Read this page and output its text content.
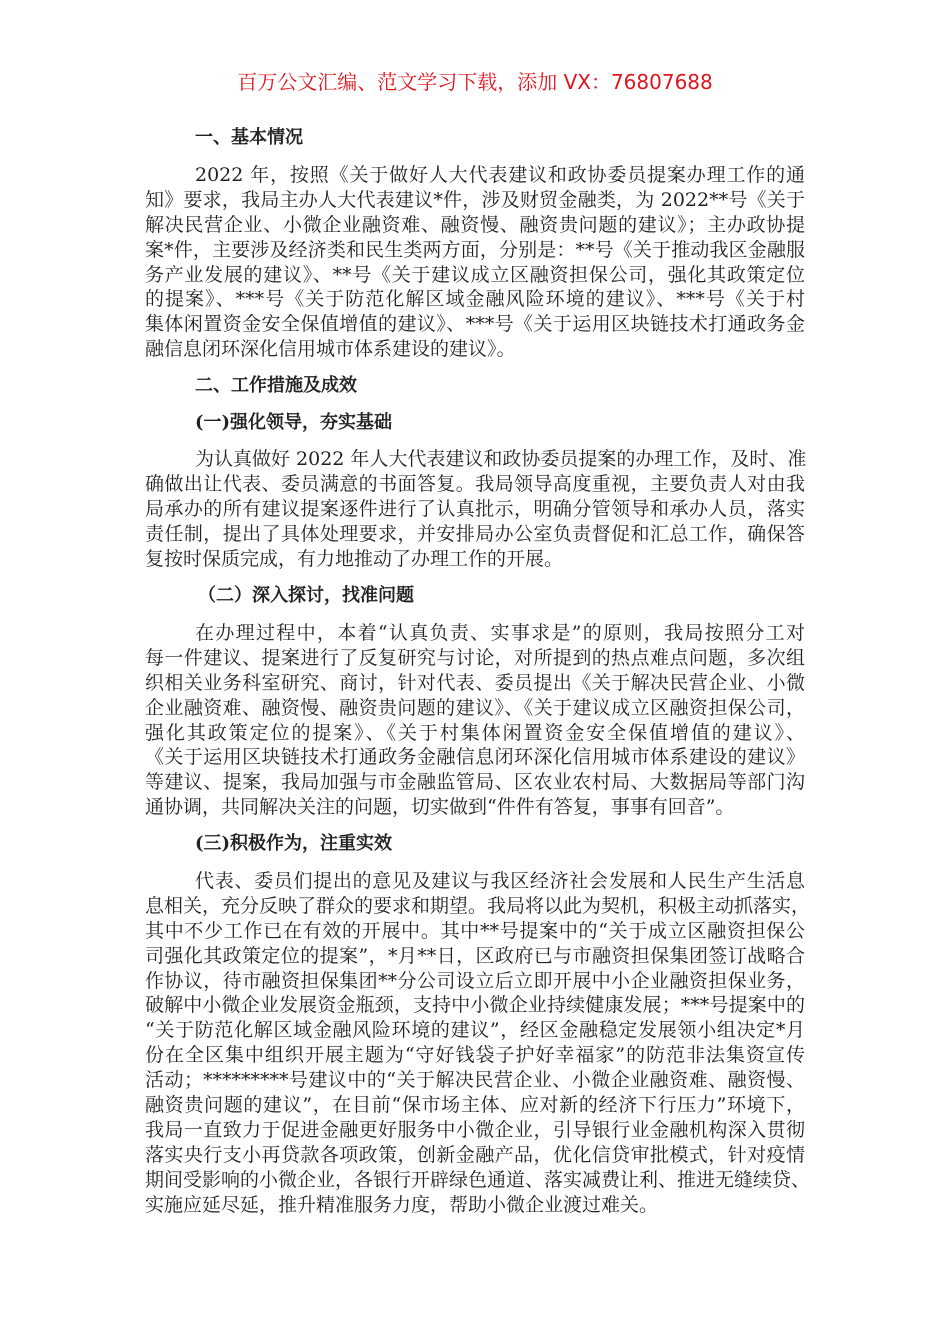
百万公文汇编、范文学习下载，添加 VX：76807688
一、基本情况
2022 年，按照《关于做好人大代表建议和政协委员提案办理工作的通
知》要求，我局主办人大代表建议*件，涉及财贸金融类，为 2022**号《关于
解决民营企业、小微企业融资难、融资慢、融资贵问题的建议》；主办政协提
案*件，主要涉及经济类和民生类两方面，分别是：**号《关于推动我区金融服
务产业发展的建议》、**号《关于建议成立区融资担保公司，强化其政策定位
的提案》、***号《关于防范化解区域金融风险环境的建议》、***号《关于村
集体闲置资金安全保值增值的建议》、***号《关于运用区块链技术打通政务金
融信息闭环深化信用城市体系建设的建议》。
二、工作措施及成效
(一)强化领导，夯实基础
为认真做好 2022 年人大代表建议和政协委员提案的办理工作，及时、准
确做出让代表、委员满意的书面答复。我局领导高度重视，主要负责人对由我
局承办的所有建议提案逐件进行了认真批示，明确分管领导和承办人员，落实
责任制，提出了具体处理要求，并安排局办公室负责督促和汇总工作，确保答
复按时保质完成，有力地推动了办理工作的开展。
（二）深入探讨，找准问题
在办理过程中，本着“认真负责、实事求是”的原则，我局按照分工对
每一件建议、提案进行了反复研究与讨论，对所提到的热点难点问题，多次组
织相关业务科室研究、商讨，针对代表、委员提出《关于解决民营企业、小微
企业融资难、融资慢、融资贵问题的建议》、《关于建议成立区融资担保公司，
强化其政策定位的提案》、《关于村集体闲置资金安全保值增值的建议》、
《关于运用区块链技术打通政务金融信息闭环深化信用城市体系建设的建议》
等建议、提案，我局加强与市金融监管局、区农业农村局、大数据局等部门沟
通协调，共同解决关注的问题，切实做到“件件有答复，事事有回音”。
(三)积极作为，注重实效
代表、委员们提出的意见及建议与我区经济社会发展和人民生产生活息
息相关，充分反映了群众的要求和期望。我局将以此为契机，积极主动抓落实，
其中不少工作已在有效的开展中。其中**号提案中的“关于成立区融资担保公
司强化其政策定位的提案”，*月**日，区政府已与市融资担保集团签订战略合
作协议，待市融资担保集团**分公司设立后立即开展中小企业融资担保业务，
破解中小微企业发展资金瓶颈，支持中小微企业持续健康发展；***号提案中的
“关于防范化解区域金融风险环境的建议”，经区金融稳定发展领小组决定*月
份在全区集中组织开展主题为“守好钱袋子护好幸福家”的防范非法集资宣传
活动；*********号建议中的“关于解决民营企业、小微企业融资难、融资慢、
融资贵问题的建议”，在目前“保市场主体、应对新的经济下行压力”环境下，
我局一直致力于促进金融更好服务中小微企业，引导银行业金融机构深入贯彻
落实央行支小再贷款各项政策，创新金融产品，优化信贷审批模式，针对疫情
期间受影响的小微企业，各银行开辟绿色通道、落实减费让利、推进无缝续贷、
实施应延尽延，推升精准服务力度，帮助小微企业渡过难关。
